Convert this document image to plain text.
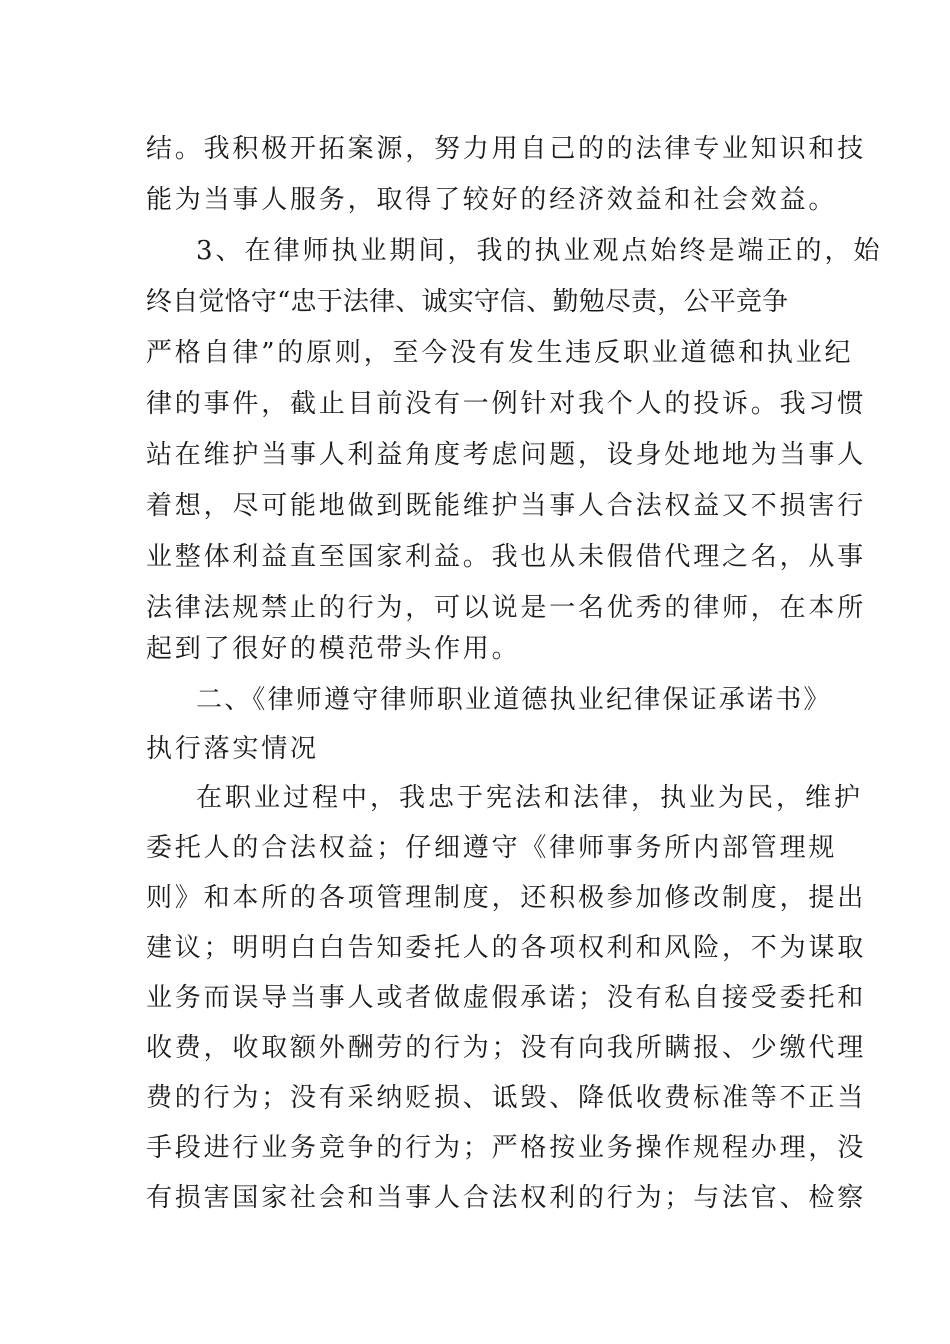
结。我积极开拓案源，努力用自己的的法律专业知识和技
能为当事人服务，取得了较好的经济效益和社会效益。
3、在律师执业期间，我的执业观点始终是端正的，始
终自觉恪守“忠于法律、诚实守信、勤勉尽责，公平竞争
严格自律”的原则，至今没有发生违反职业道德和执业纪
律的事件，截止目前没有一例针对我个人的投诉。我习惯
站在维护当事人利益角度考虑问题，设身处地地为当事人
着想，尽可能地做到既能维护当事人合法权益又不损害行
业整体利益直至国家利益。我也从未假借代理之名，从事
法律法规禁止的行为，可以说是一名优秀的律师，在本所
起到了很好的模范带头作用。
二、《律师遵守律师职业道德执业纪律保证承诺书》
执行落实情况
在职业过程中，我忠于宪法和法律，执业为民，维护
委托人的合法权益；仔细遵守《律师事务所内部管理规
则》和本所的各项管理制度，还积极参加修改制度，提出
建议；明明白白告知委托人的各项权利和风险，不为谋取
业务而误导当事人或者做虚假承诺；没有私自接受委托和
收费，收取额外酬劳的行为；没有向我所瞒报、少缴代理
费的行为；没有采纳贬损、诋毁、降低收费标准等不正当
手段进行业务竞争的行为；严格按业务操作规程办理，没
有损害国家社会和当事人合法权利的行为；与法官、检察
